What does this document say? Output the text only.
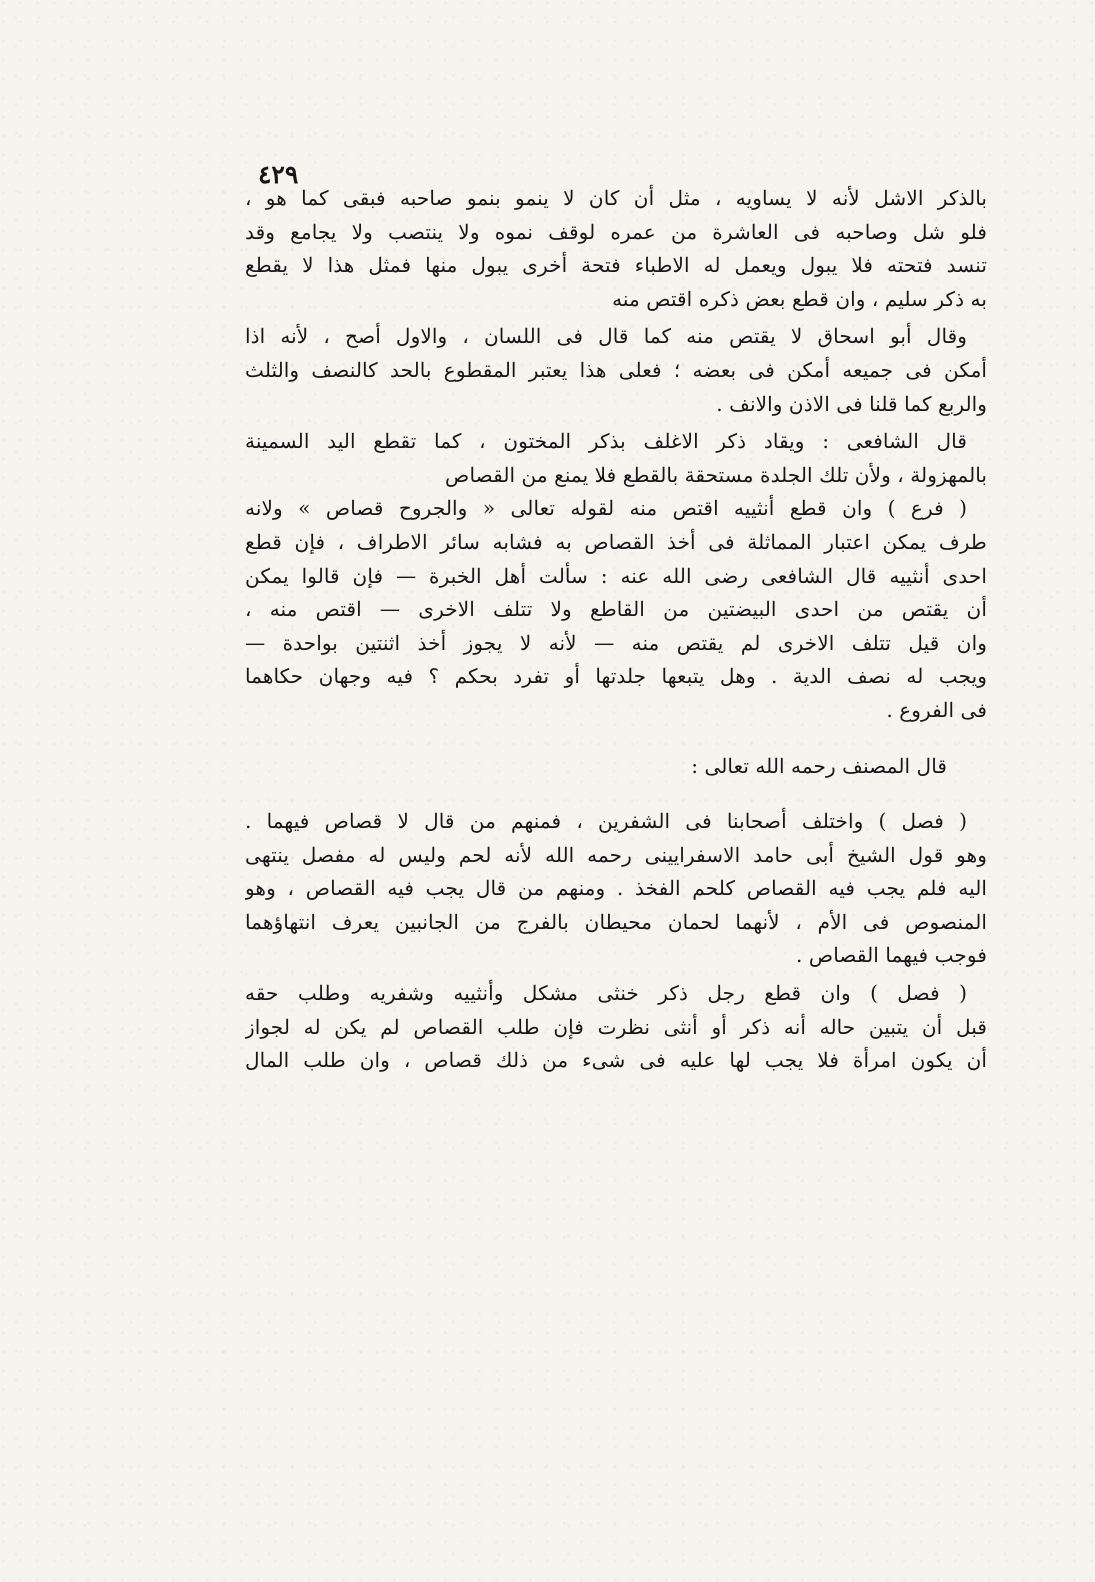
٤٢٩
بالذكر الاشل لأنه لا يساويه ، مثل أن كان لا ينمو بنمو صاحبه فبقى كما هو ،
فلو شل وصاحبه فى العاشرة من عمره لوقف نموه ولا ينتصب ولا يجامع وقد
تنسد فتحته فلا يبول ويعمل له الاطباء فتحة أخرى يبول منها فمثل هذا لا يقطع
به ذكر سليم ، وان قطع بعض ذكره اقتص منه
وقال أبو اسحاق لا يقتص منه كما قال فى اللسان ، والاول أصح ، لأنه اذا
أمكن فى جميعه أمكن فى بعضه ؛ فعلى هذا يعتبر المقطوع بالحد كالنصف والثلث
والربع كما قلنا فى الاذن والانف .
قال الشافعى : ويقاد ذكر الاغلف بذكر المختون ، كما تقطع اليد السمينة
بالمهزولة ، ولأن تلك الجلدة مستحقة بالقطع فلا يمنع من القصاص
( فرع ) وان قطع أنثييه اقتص منه لقوله تعالى « والجروح قصاص » ولانه
طرف يمكن اعتبار المماثلة فى أخذ القصاص به فشابه سائر الاطراف ، فإن قطع
احدى أنثييه قال الشافعى رضى الله عنه : سألت أهل الخبرة — فإن قالوا يمكن
أن يقتص من احدى البيضتين من القاطع ولا تتلف الاخرى — اقتص منه ،
وان قيل تتلف الاخرى لم يقتص منه — لأنه لا يجوز أخذ اثنتين بواحدة —
ويجب له نصف الدية . وهل يتبعها جلدتها أو تفرد بحكم ؟ فيه وجهان حكاهما
فى الفروع .
قال المصنف رحمه الله تعالى :
( فصل ) واختلف أصحابنا فى الشفرين ، فمنهم من قال لا قصاص فيهما .
وهو قول الشيخ أبى حامد الاسفرايينى رحمه الله لأنه لحم وليس له مفصل ينتهى
اليه فلم يجب فيه القصاص كلحم الفخذ . ومنهم من قال يجب فيه القصاص ، وهو
المنصوص فى الأم ، لأنهما لحمان محيطان بالفرج من الجانبين يعرف انتهاؤهما
فوجب فيهما القصاص .
( فصل ) وان قطع رجل ذكر خنثى مشكل وأنثييه وشفريه وطلب حقه
قبل أن يتبين حاله أنه ذكر أو أنثى نظرت فإن طلب القصاص لم يكن له لجواز
أن يكون امرأة فلا يجب لها عليه فى شىء من ذلك قصاص ، وان طلب المال
